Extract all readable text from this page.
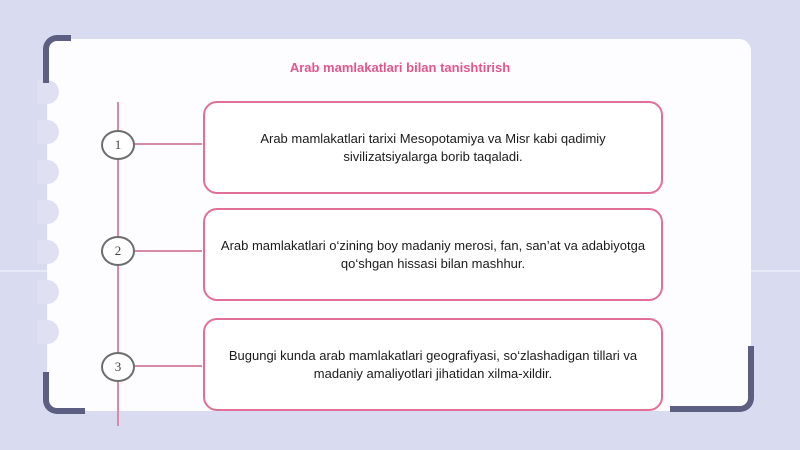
Arab mamlakatlari bilan tanishtirish
1	Arab mamlakatlari tarixi Mesopotamiya va Misr kabi qadimiy sivilizatsiyalarga borib taqaladi.
2	Arab mamlakatlari o‘zining boy madaniy merosi, fan, san’at va adabiyotga qo‘shgan hissasi bilan mashhur.
3
Bugungi kunda arab mamlakatlari geografiyasi, so‘zlashadigan tillari va madaniy amaliyotlari jihatidan xilma-xildir.
